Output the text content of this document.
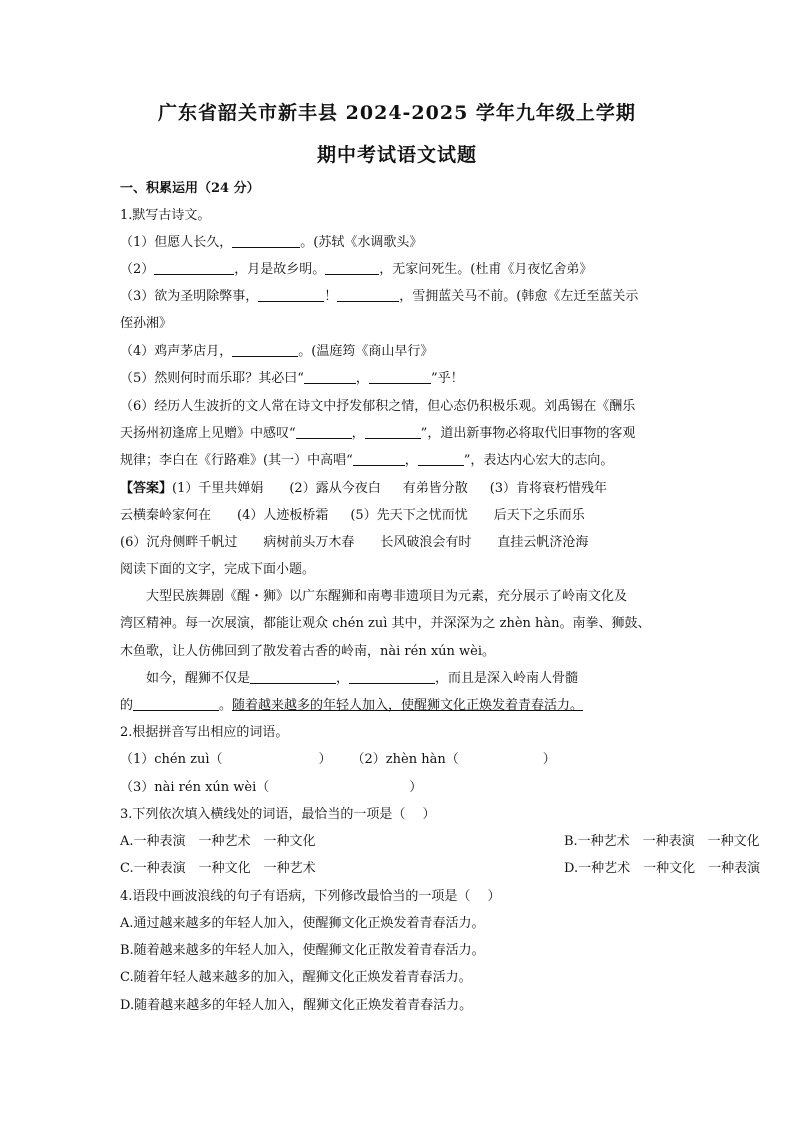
广东省韶关市新丰县 2024-2025 学年九年级上学期
期中考试语文试题
一、积累运用（24 分）
1.默写古诗文。
（1）但愿人长久，	。(苏轼《水调歌头》
（2）	，月是故乡明。	，无家问死生。(杜甫《月夜忆舍弟》
（3）欲为圣明除弊事，	！	，雪拥蓝关马不前。(韩愈《左迁至蓝关示
侄孙湘》
（4）鸡声茅店月，	。(温庭筠《商山早行》
（5）然则何时而乐耶？其必曰“	，	”乎！
（6）经历人生波折的文人常在诗文中抒发郁积之情，但心态仍积极乐观。刘禹锡在《酬乐
天扬州初逢席上见赠》中感叹“	，	”，道出新事物必将取代旧事物的客观
规律；李白在《行路难》(其一）中高唱“	，	”，表达内心宏大的志向。
【答案】(1）千里共婵娟 (2）露从今夜白 有弟皆分散 (3）肯将衰朽惜残年
云横秦岭家何在 (4）人迹板桥霜 (5）先天下之忧而忧 后天下之乐而乐
(6）沉舟侧畔千帆过 病树前头万木春 长风破浪会有时 直挂云帆济沧海
阅读下面的文字，完成下面小题。
大型民族舞剧《醒・狮》以广东醒狮和南粤非遗项目为元素，充分展示了岭南文化及
湾区精神。每一次展演，都能让观众 chén zuì 其中，并深深为之 zhèn hàn。南拳、狮鼓、
木鱼歌，让人仿佛回到了散发着古香的岭南，nài rén xún wèi。
如今，醒狮不仅是	，	，而且是深入岭南人骨髓
的	。随着越来越多的年轻人加入，使醒狮文化正焕发着青春活力。
2.根据拼音写出相应的词语。
（1）chén zuì（	） （2）zhèn hàn（	）
（3）nài rén xún wèi（	）
3.下列依次填入横线处的词语，最恰当的一项是（　 ）
A.一种表演　一种艺术　一种文化	B.一种艺术　一种表演　一种文化
C.一种表演　一种文化　一种艺术	D.一种艺术　一种文化　一种表演
4.语段中画波浪线的句子有语病，下列修改最恰当的一项是（　 ）
A.通过越来越多的年轻人加入，使醒狮文化正焕发着青春活力。
B.随着越来越多的年轻人加入，使醒狮文化正散发着青春活力。
C.随着年轻人越来越多的加入，醒狮文化正焕发着青春活力。
D.随着越来越多的年轻人加入，醒狮文化正焕发着青春活力。
